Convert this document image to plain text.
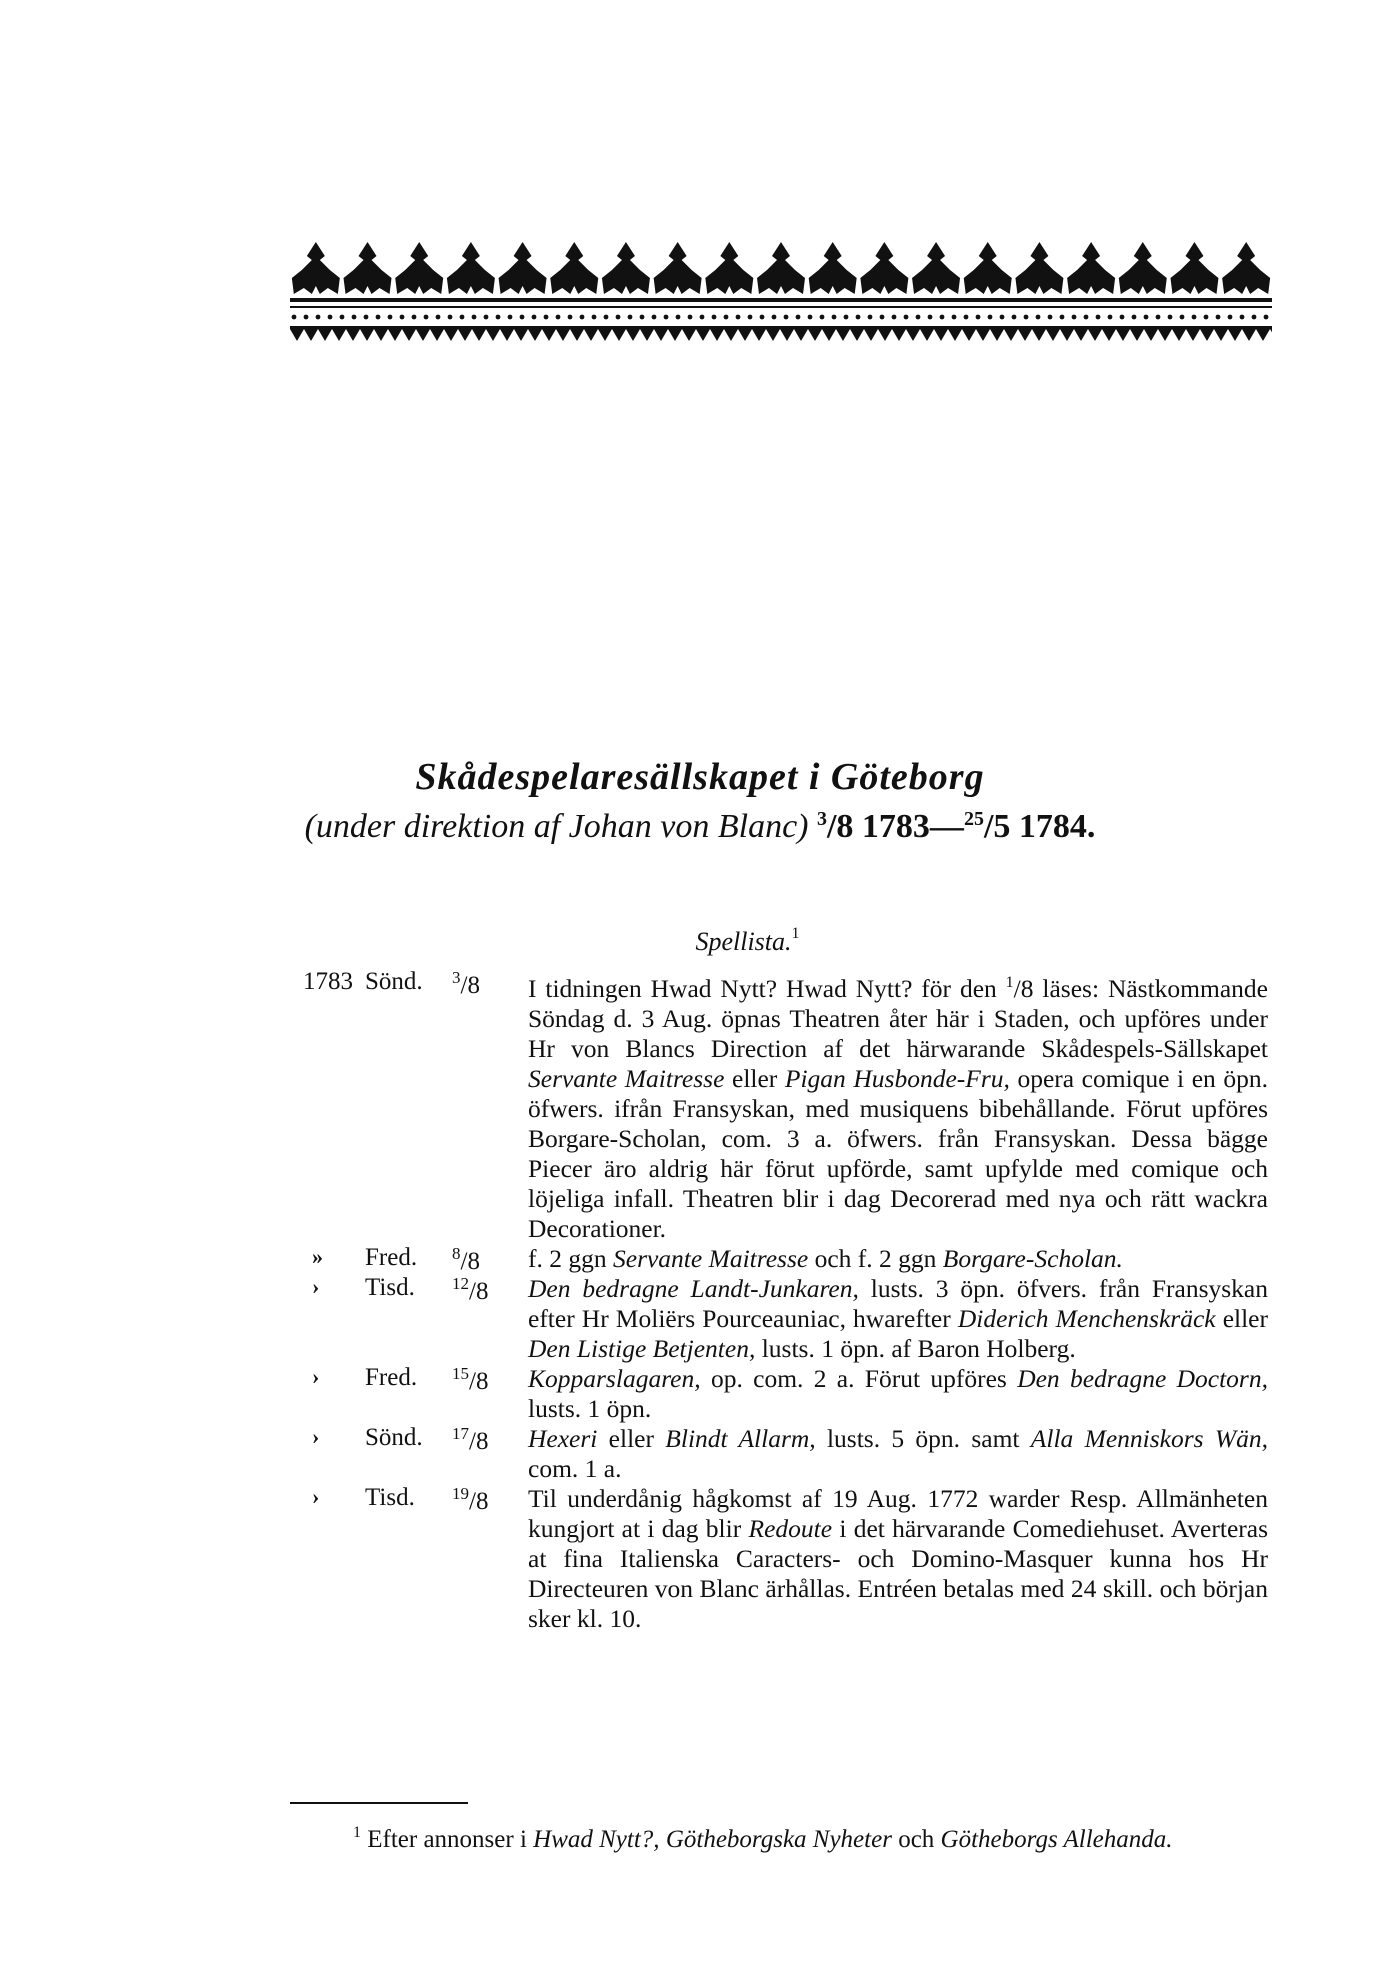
Skådespelaresällskapet i Göteborg
(under direktion af Johan von Blanc) $^3$/8 1783—$^{25}$/5 1784.
Spellista.$^1$
1783 Sönd. $^3$/8	I tidningen Hwad Nytt? Hwad Nytt? för den $^1$/8 läses: Nästkommande Söndag d. 3 Aug. öpnas Theatren åter här i Staden, och upföres under Hr von Blancs Direction af det härwarande Skådespels-Sällskapet Servante Maitresse eller Pigan Husbonde-Fru, opera comique i en öpn. öfwers. ifrån Fransyskan, med musiquens bibehållande. Förut upföres Borgare-Scholan, com. 3 a. öfwers. från Fransyskan. Dessa bägge Piecer äro aldrig här förut upförde, samt upfylde med comique och löjeliga infall. Theatren blir i dag Decorerad med nya och rätt wackra Decorationer.
» Fred. $^8$/8	f. 2 ggn Servante Maitresse och f. 2 ggn Borgare-Scholan.
› Tisd. $^{12}$/8	Den bedragne Landt-Junkaren, lusts. 3 öpn. öfvers. från Fransyskan efter Hr Moliërs Pourceauniac, hwarefter Diderich Menchenskräck eller Den Listige Betjenten, lusts. 1 öpn. af Baron Holberg.
› Fred. $^{15}$/8	Kopparslagaren, op. com. 2 a. Förut upföres Den bedragne Doctorn, lusts. 1 öpn.
› Sönd. $^{17}$/8	Hexeri eller Blindt Allarm, lusts. 5 öpn. samt Alla Menniskors Wän, com. 1 a.
› Tisd. $^{19}$/8	Til underdånig hågkomst af 19 Aug. 1772 warder Resp. Allmänheten kungjort at i dag blir Redoute i det härvarande Comediehuset. Averteras at fina Italienska Caracters- och Domino-Masquer kunna hos Hr Directeuren von Blanc ärhållas. Entréen betalas med 24 skill. och början sker kl. 10.
$^1$ Efter annonser i Hwad Nytt?, Götheborgska Nyheter och Götheborgs Allehanda.
